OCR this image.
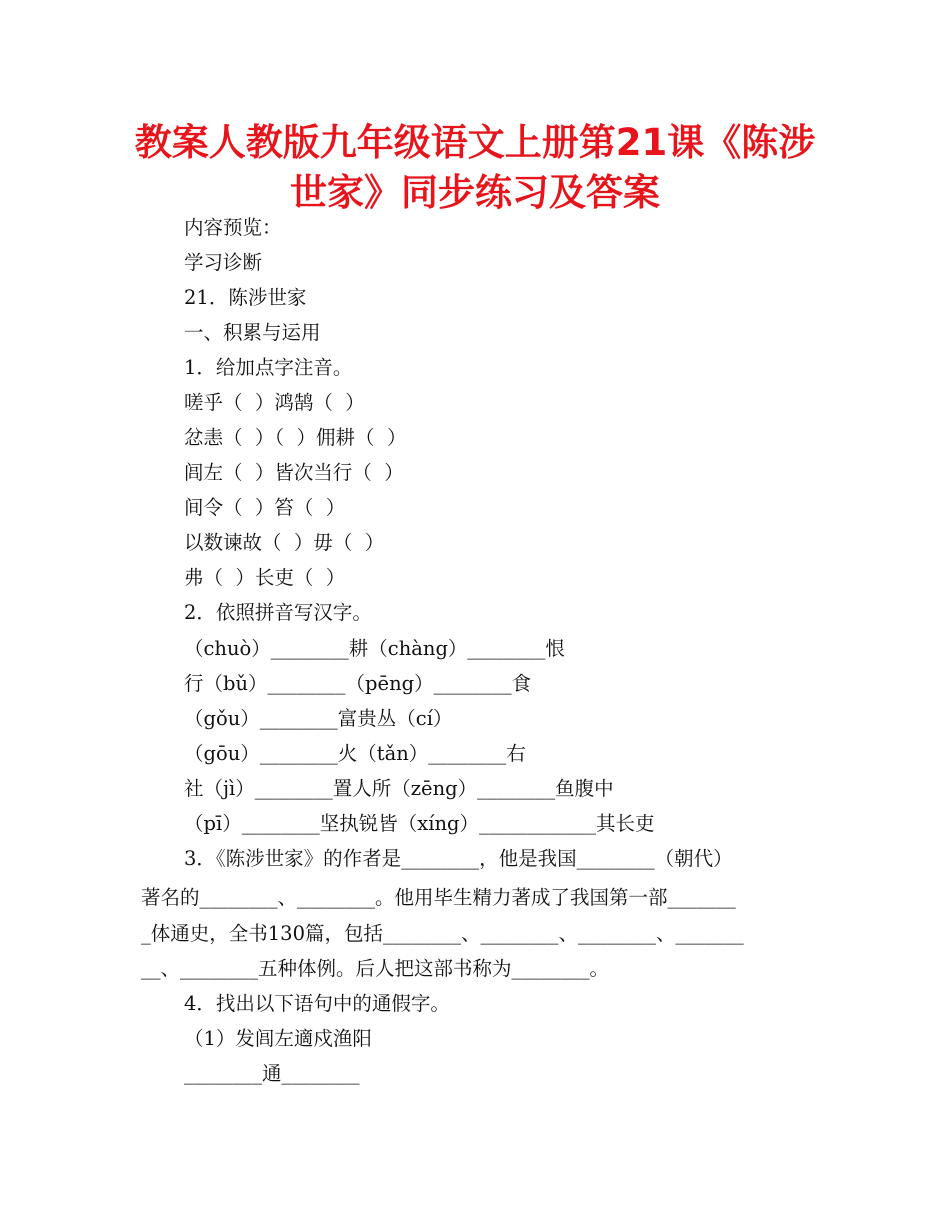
教案人教版九年级语文上册第21课《陈涉
世家》同步练习及答案
内容预览：
学习诊断
21．陈涉世家
一、积累与运用
1．给加点字注音。
嗟乎（  ）鸿鹄（  ）
忿恚（  ）（  ）佣耕（  ）
闾左（  ）皆次当行（  ）
间令（  ）笞（  ）
以数谏故（  ）毋（  ）
弗（  ）长吏（  ）
2．依照拼音写汉字。
（chuò）________耕（chàng）________恨
行（bǔ）________（pēng）________食
（gǒu）________富贵丛（cí）
（gōu）________火（tǎn）________右
社（jì）________置人所（zēng）________鱼腹中
（pī）________坚执锐皆（xíng）____________其长吏
3．《陈涉世家》的作者是________，他是我国________（朝代）
著名的________、________。他用毕生精力著成了我国第一部_______
_体通史，全书130篇，包括________、________、________、_______
__、________五种体例。后人把这部书称为________。
4．找出以下语句中的通假字。
（1）发闾左適戍渔阳
________通________
